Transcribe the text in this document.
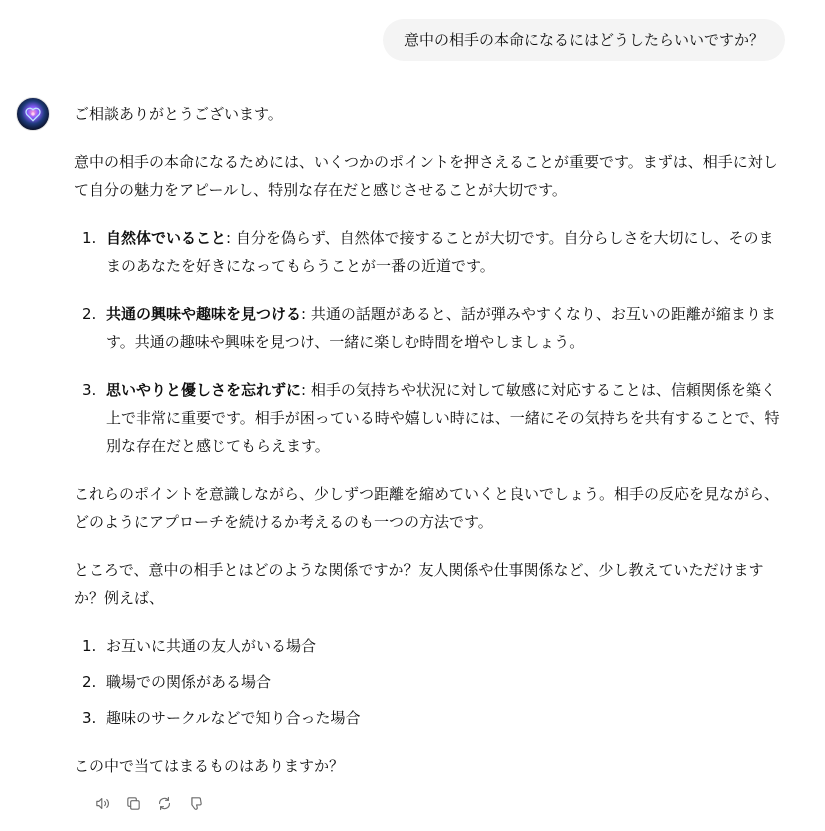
意中の相手の本命になるにはどうしたらいいですか？

ご相談ありがとうございます。

意中の相手の本命になるためには、いくつかのポイントを押さえることが重要です。まずは、相手に対して自分の魅力をアピールし、特別な存在だと感じさせることが大切です。

1. 自然体でいること: 自分を偽らず、自然体で接することが大切です。自分らしさを大切にし、そのままのあなたを好きになってもらうことが一番の近道です。
2. 共通の興味や趣味を見つける: 共通の話題があると、話が弾みやすくなり、お互いの距離が縮まります。共通の趣味や興味を見つけ、一緒に楽しむ時間を増やしましょう。
3. 思いやりと優しさを忘れずに: 相手の気持ちや状況に対して敏感に対応することは、信頼関係を築く上で非常に重要です。相手が困っている時や嬉しい時には、一緒にその気持ちを共有することで、特別な存在だと感じてもらえます。

これらのポイントを意識しながら、少しずつ距離を縮めていくと良いでしょう。相手の反応を見ながら、どのようにアプローチを続けるか考えるのも一つの方法です。

ところで、意中の相手とはどのような関係ですか？友人関係や仕事関係など、少し教えていただけますか？例えば、

1. お互いに共通の友人がいる場合
2. 職場での関係がある場合
3. 趣味のサークルなどで知り合った場合

この中で当てはまるものはありますか？
